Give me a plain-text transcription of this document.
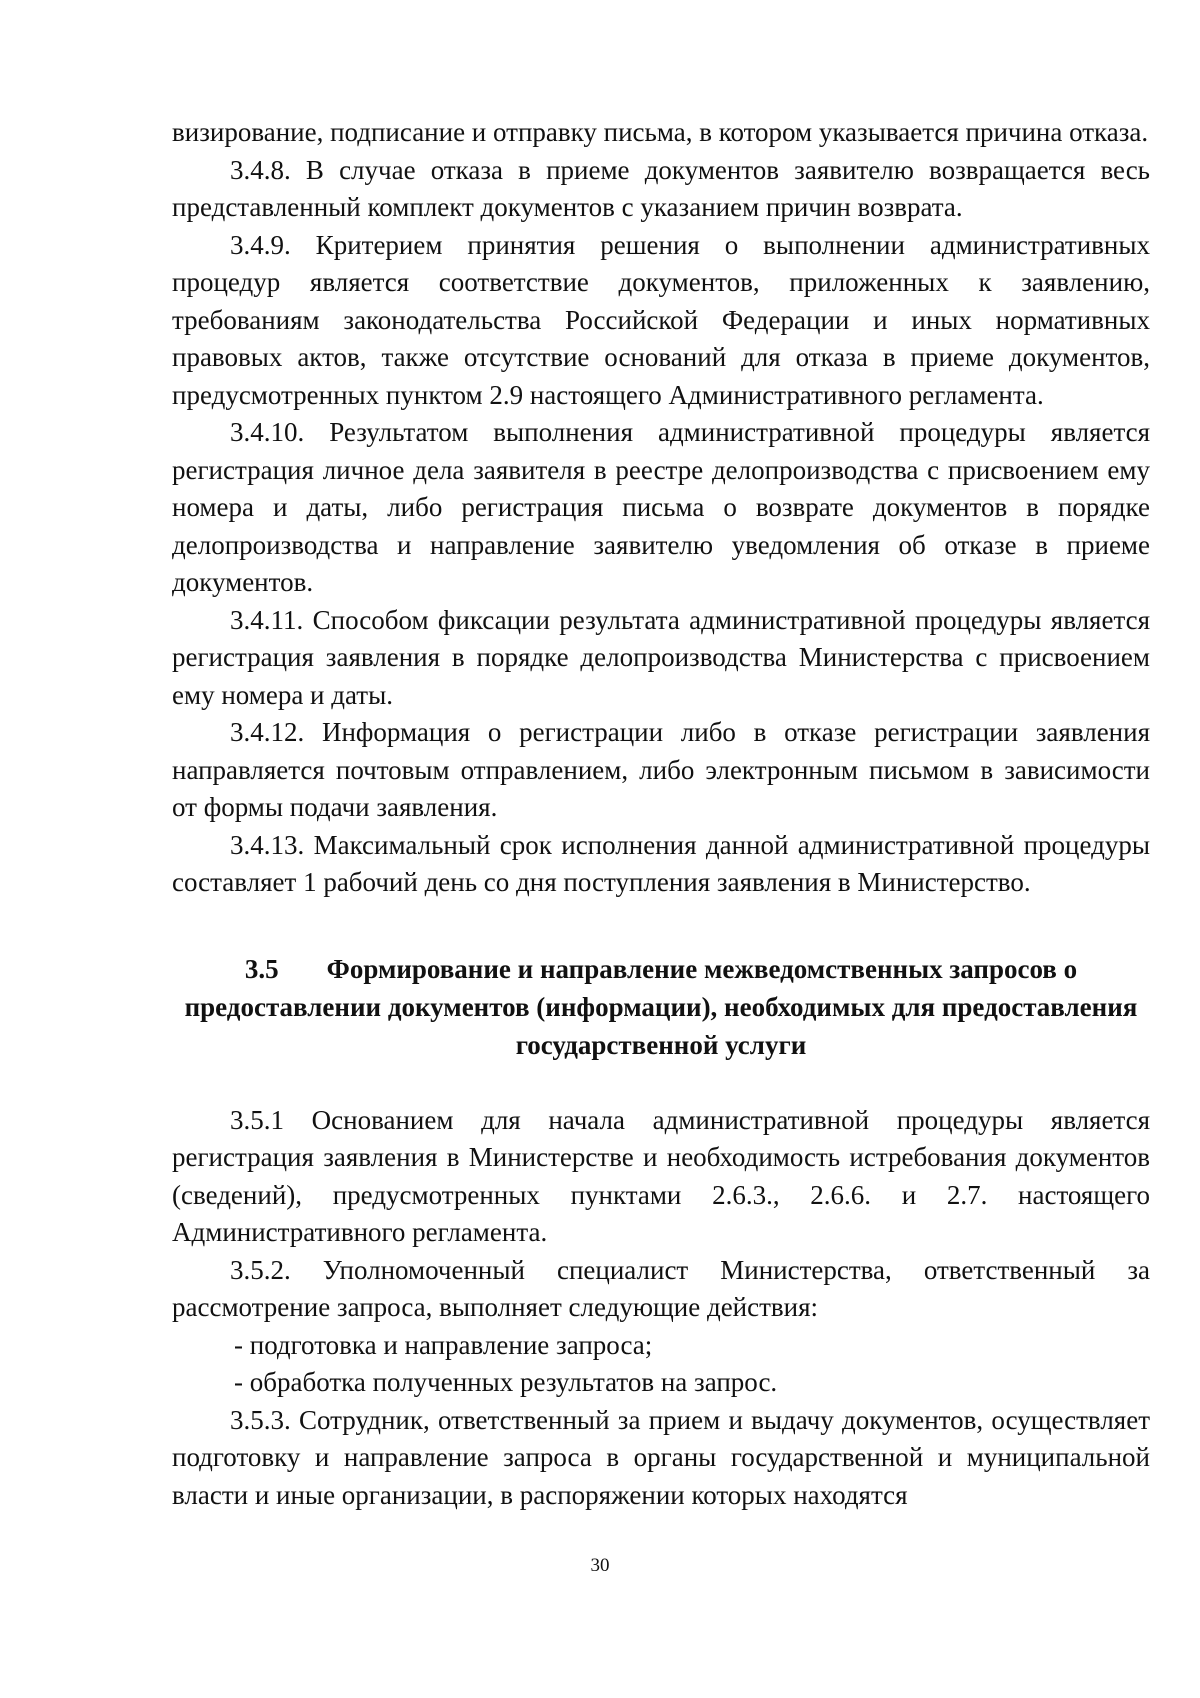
визирование, подписание и отправку письма, в котором указывается причина отказа.

3.4.8. В случае отказа в приеме документов заявителю возвращается весь представленный комплект документов с указанием причин возврата.

3.4.9. Критерием принятия решения о выполнении административных процедур является соответствие документов, приложенных к заявлению, требованиям законодательства Российской Федерации и иных нормативных правовых актов, также отсутствие оснований для отказа в приеме документов, предусмотренных пунктом 2.9 настоящего Административного регламента.

3.4.10. Результатом выполнения административной процедуры является регистрация личное дела заявителя в реестре делопроизводства с присвоением ему номера и даты, либо регистрация письма о возврате документов в порядке делопроизводства и направление заявителю уведомления об отказе в приеме документов.

3.4.11. Способом фиксации результата административной процедуры является регистрация заявления в порядке делопроизводства Министерства с присвоением ему номера и даты.

3.4.12. Информация о регистрации либо в отказе регистрации заявления направляется почтовым отправлением, либо электронным письмом в зависимости от формы подачи заявления.

3.4.13. Максимальный срок исполнения данной административной процедуры составляет 1 рабочий день со дня поступления заявления в Министерство.

3.5 Формирование и направление межведомственных запросов о предоставлении документов (информации), необходимых для предоставления государственной услуги

3.5.1 Основанием для начала административной процедуры является регистрация заявления в Министерстве и необходимость истребования документов (сведений), предусмотренных пунктами 2.6.3., 2.6.6. и 2.7. настоящего Административного регламента.

3.5.2. Уполномоченный специалист Министерства, ответственный за рассмотрение запроса, выполняет следующие действия:

- подготовка и направление запроса;

- обработка полученных результатов на запрос.

3.5.3. Сотрудник, ответственный за прием и выдачу документов, осуществляет подготовку и направление запроса в органы государственной и муниципальной власти и иные организации, в распоряжении которых находятся

30
